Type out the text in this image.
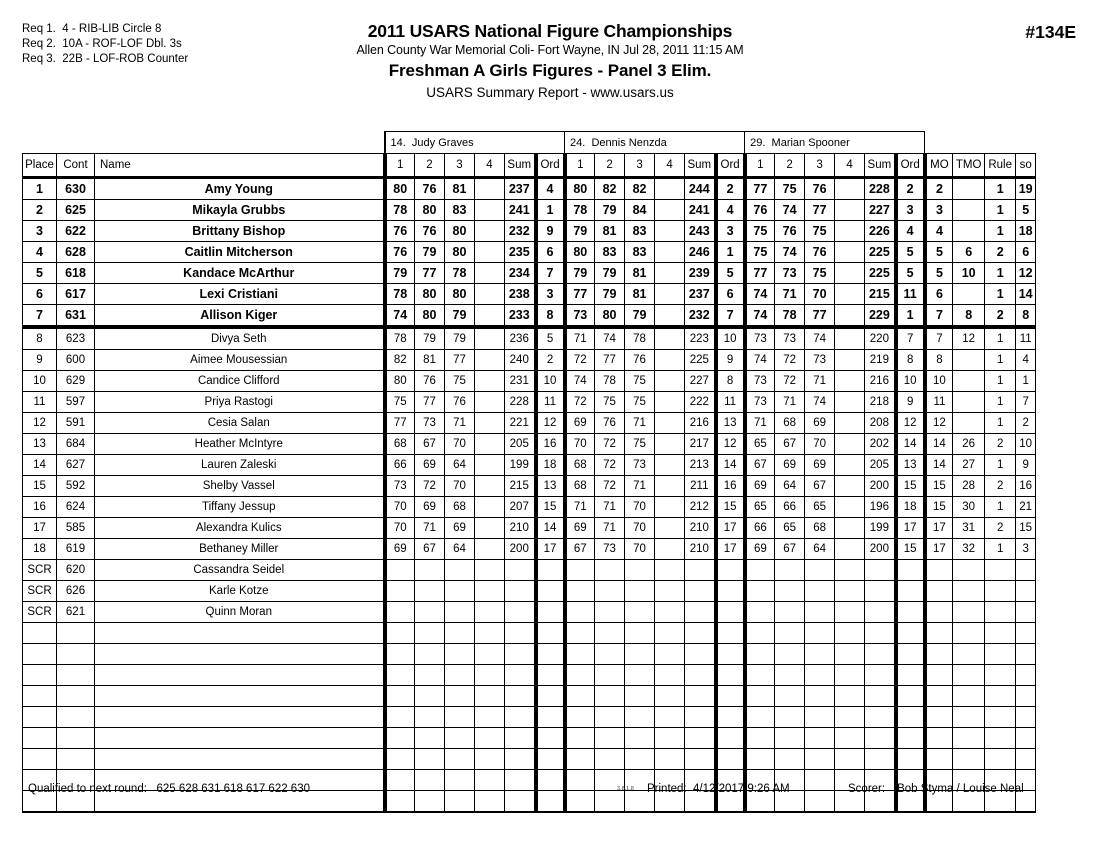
Req 1. 4 - RIB-LIB Circle 8
Req 2. 10A - ROF-LOF Dbl. 3s
Req 3. 22B - LOF-ROB Counter
2011 USARS National Figure Championships
Allen County War Memorial Coli- Fort Wayne, IN Jul 28, 2011 11:15 AM
Freshman A Girls Figures - Panel 3 Elim.
USARS Summary Report - www.usars.us
#134E
			14. Judy Graves						24. Dennis Nenzda						29. Marian Spooner									
Place	Cont	Name	1	2	3	4	Sum	Ord	1	2	3	4	Sum	Ord	1	2	3	4	Sum	Ord	MO	TMO	Rule	so
1	630	Amy Young	80	76	81		237	4	80	82	82		244	2	77	75	76		228	2	2		1	19
2	625	Mikayla Grubbs	78	80	83		241	1	78	79	84		241	4	76	74	77		227	3	3		1	5
3	622	Brittany Bishop	76	76	80		232	9	79	81	83		243	3	75	76	75		226	4	4		1	18
4	628	Caitlin Mitcherson	76	79	80		235	6	80	83	83		246	1	75	74	76		225	5	5	6	2	6
5	618	Kandace McArthur	79	77	78		234	7	79	79	81		239	5	77	73	75		225	5	5	10	1	12
6	617	Lexi Cristiani	78	80	80		238	3	77	79	81		237	6	74	71	70		215	11	6		1	14
7	631	Allison Kiger	74	80	79		233	8	73	80	79		232	7	74	78	77		229	1	7	8	2	8
8	623	Divya Seth	78	79	79		236	5	71	74	78		223	10	73	73	74		220	7	7	12	1	11
9	600	Aimee Mousessian	82	81	77		240	2	72	77	76		225	9	74	72	73		219	8	8		1	4
10	629	Candice Clifford	80	76	75		231	10	74	78	75		227	8	73	72	71		216	10	10		1	1
11	597	Priya Rastogi	75	77	76		228	11	72	75	75		222	11	73	71	74		218	9	11		1	7
12	591	Cesia Salan	77	73	71		221	12	69	76	71		216	13	71	68	69		208	12	12		1	2
13	684	Heather McIntyre	68	67	70		205	16	70	72	75		217	12	65	67	70		202	14	14	26	2	10
14	627	Lauren Zaleski	66	69	64		199	18	68	72	73		213	14	67	69	69		205	13	14	27	1	9
15	592	Shelby Vassel	73	72	70		215	13	68	72	71		211	16	69	64	67		200	15	15	28	2	16
16	624	Tiffany Jessup	70	69	68		207	15	71	71	70		212	15	65	66	65		196	18	15	30	1	21
17	585	Alexandra Kulics	70	71	69		210	14	69	71	70		210	17	66	65	68		199	17	17	31	2	15
18	619	Bethaney Miller	69	67	64		200	17	67	73	70		210	17	69	67	64		200	15	17	32	1	3
SCR	620	Cassandra Seidel																						
SCR	626	Karle Kotze																						
SCR	621	Quinn Moran																						

Qualified to next round: 625 628 631 618 617 622 630	3.8.1.8 Printed: 4/12/2017 9:26 AM	Scorer: Bob Styma / Louise Neal
